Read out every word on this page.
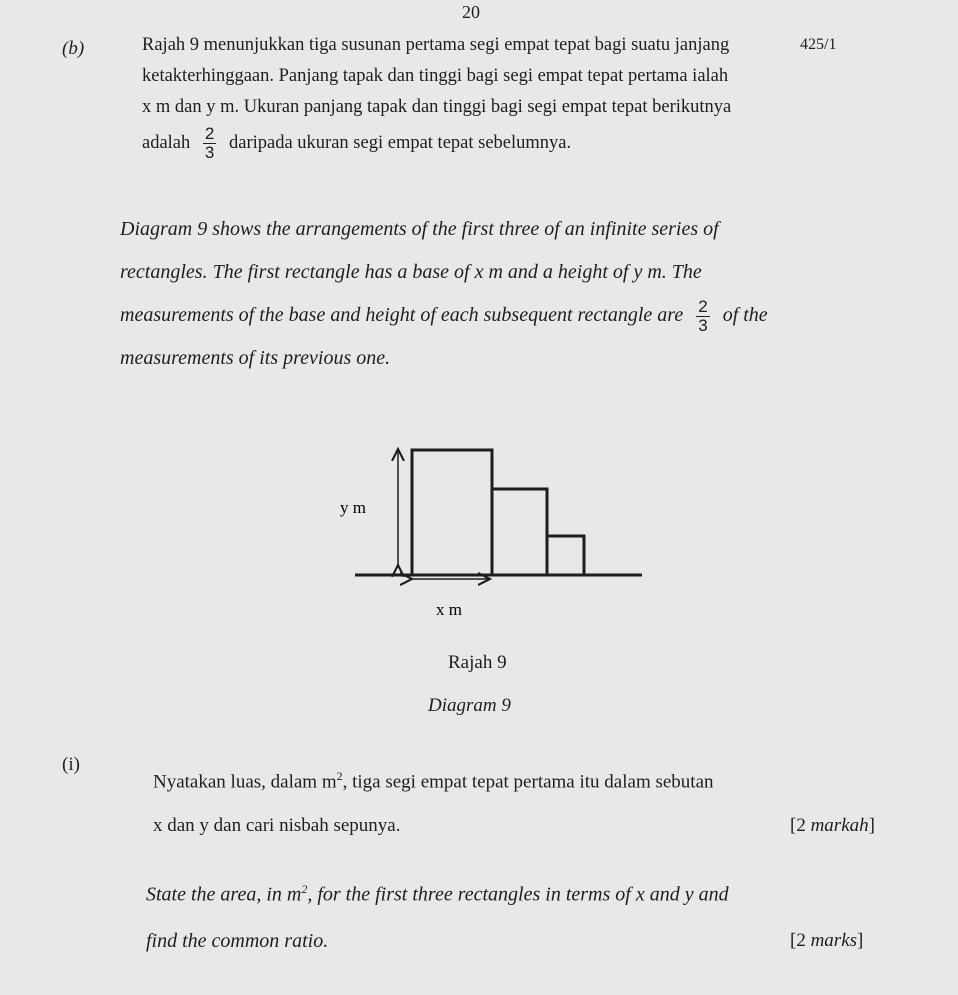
20
425/1
(b)	Rajah 9 menunjukkan tiga susunan pertama segi empat tepat bagi suatu janjang
ketakterhinggaan. Panjang tapak dan tinggi bagi segi empat tepat pertama ialah
x m dan y m. Ukuran panjang tapak dan tinggi bagi segi empat tepat berikutnya
adalah $\frac{2}{3}$ daripada ukuran segi empat tepat sebelumnya.
Diagram 9 shows the arrangements of the first three of an infinite series of
rectangles. The first rectangle has a base of x m and a height of y m. The
measurements of the base and height of each subsequent rectangle are $\frac{2}{3}$ of the
measurements of its previous one.
y m
x m
Rajah 9
Diagram 9
(i)
Nyatakan luas, dalam $m^2$, tiga segi empat tepat pertama itu dalam sebutan
x dan y dan cari nisbah sepunya.	[2 markah]
State the area, in $m^2$, for the first three rectangles in terms of x and y and
find the common ratio.	[2 marks]
